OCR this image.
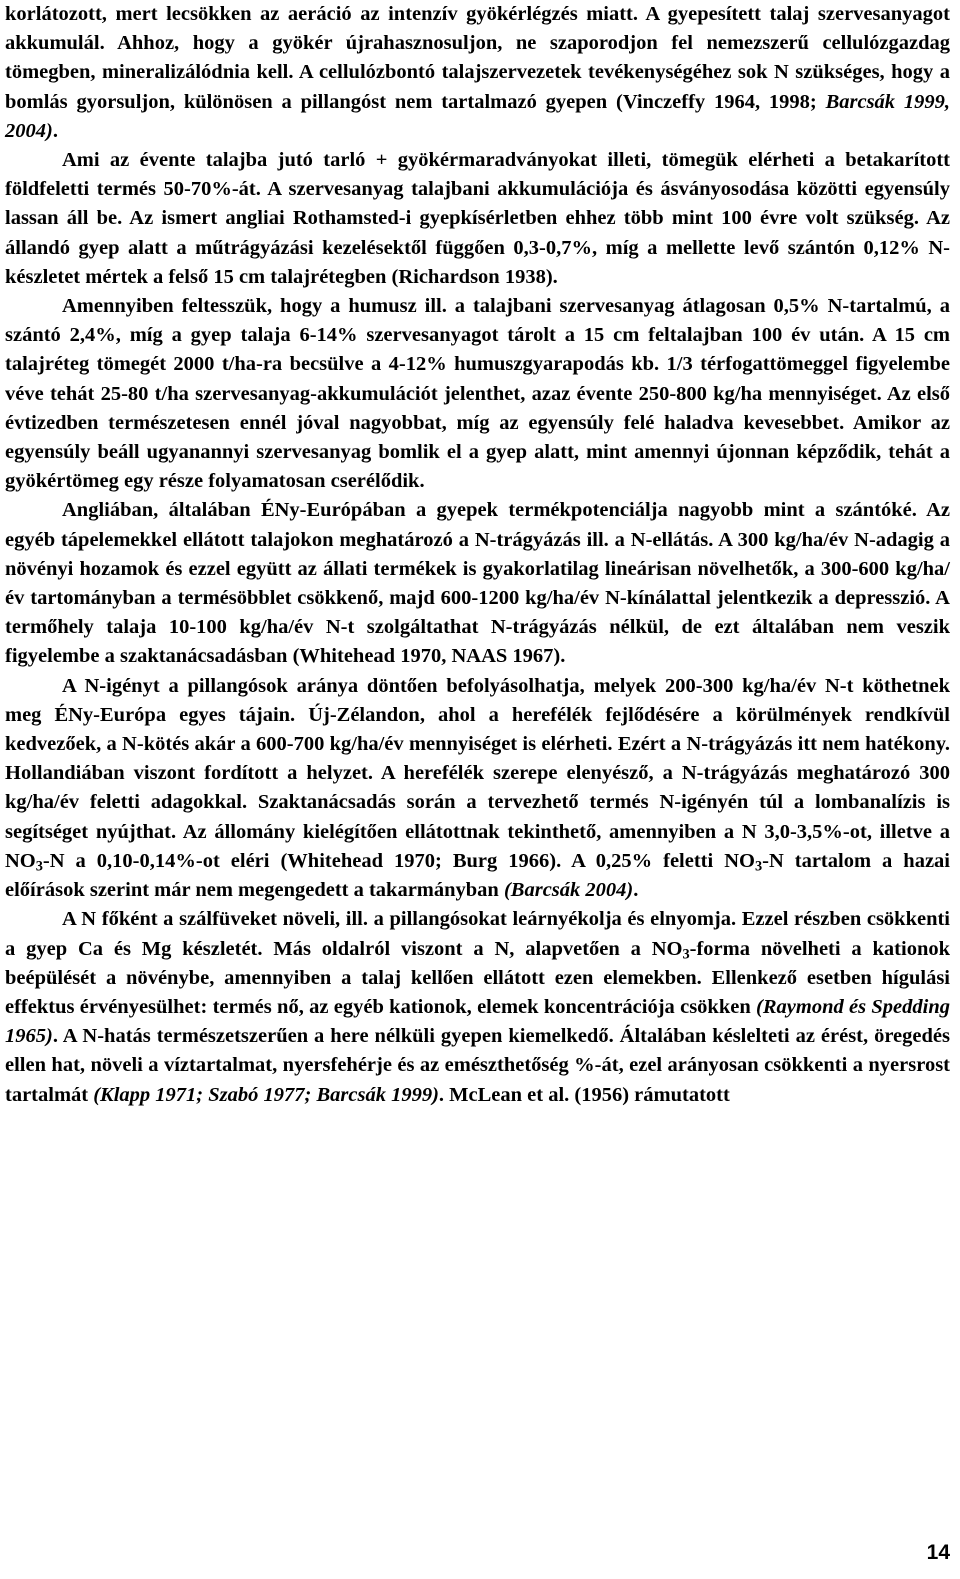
korlátozott, mert lecsökken az aeráció az intenzív gyökérlégzés miatt. A gyepesített talaj szervesanyagot akkumulál. Ahhoz, hogy a gyökér újrahasznosuljon, ne szaporodjon fel nemezszerű cellulózgazdag tömegben, mineralizálódnia kell. A cellulózbontó talajszervezetek tevékenységéhez sok N szükséges, hogy a bomlás gyorsuljon, különösen a pillangóst nem tartalmazó gyepen (Vinczeffy 1964, 1998; Barcsák 1999, 2004).

Ami az évente talajba jutó tarló + gyökérmaradványokat illeti, tömegük elérheti a betakarított földfeletti termés 50-70%-át. A szervesanyag talajbani akkumulációja és ásványosodása közötti egyensúly lassan áll be. Az ismert angliai Rothamsted-i gyepkísérletben ehhez több mint 100 évre volt szükség. Az állandó gyep alatt a műtrágyázási kezelésektől függően 0,3-0,7%, míg a mellette levő szántón 0,12% N-készletet mértek a felső 15 cm talajrétegben (Richardson 1938).

Amennyiben feltesszük, hogy a humusz ill. a talajbani szervesanyag átlagosan 0,5% N-tartalmú, a szántó 2,4%, míg a gyep talaja 6-14% szervesanyagot tárolt a 15 cm feltalajban 100 év után. A 15 cm talajréteg tömegét 2000 t/ha-ra becsülve a 4-12% humuszgyarapodás kb. 1/3 térfogattömeggel figyelembe véve tehát 25-80 t/ha szervesanyag-akkumulációt jelenthet, azaz évente 250-800 kg/ha mennyiséget. Az első évtizedben természetesen ennél jóval nagyobbat, míg az egyensúly felé haladva kevesebbet. Amikor az egyensúly beáll ugyanannyi szervesanyag bomlik el a gyep alatt, mint amennyi újonnan képződik, tehát a gyökértömeg egy része folyamatosan cserélődik.

Angliában, általában ÉNy-Európában a gyepek termékpotenciálja nagyobb mint a szántóké. Az egyéb tápelemekkel ellátott talajokon meghatározó a N-trágyázás ill. a N-ellátás. A 300 kg/ha/év N-adagig a növényi hozamok és ezzel együtt az állati termékek is gyakorlatilag lineárisan növelhetők, a 300-600 kg/ha/év tartományban a termésöbblet csökkenő, majd 600-1200 kg/ha/év N-kínálattal jelentkezik a depresszió. A termőhely talaja 10-100 kg/ha/év N-t szolgáltathat N-trágyázás nélkül, de ezt általában nem veszik figyelembe a szaktanácsadásban (Whitehead 1970, NAAS 1967).

A N-igényt a pillangósok aránya döntően befolyásolhatja, melyek 200-300 kg/ha/év N-t köthetnek meg ÉNy-Európa egyes tájain. Új-Zélandon, ahol a herefélék fejlődésére a körülmények rendkívül kedvezőek, a N-kötés akár a 600-700 kg/ha/év mennyiséget is elérheti. Ezért a N-trágyázás itt nem hatékony. Hollandiában viszont fordított a helyzet. A herefélék szerepe elenyésző, a N-trágyázás meghatározó 300 kg/ha/év feletti adagokkal. Szaktanácsadás során a tervezhető termés N-igényén túl a lombanalízis is segítséget nyújthat. Az állomány kielégítően ellátottnak tekinthető, amennyiben a N 3,0-3,5%-ot, illetve a $NO_3-N$ a 0,10-0,14%-ot eléri (Whitehead 1970; Burg 1966). A 0,25% feletti $NO_3-N$ tartalom a hazai előírások szerint már nem megengedett a takarmányban (Barcsák 2004).

A N főként a szálfüveket növeli, ill. a pillangósokat leárnyékolja és elnyomja. Ezzel részben csökkenti a gyep Ca és Mg készletét. Más oldalról viszont a N, alapvetően a $NO_3$-forma növelheti a kationok beépülését a növénybe, amennyiben a talaj kellően ellátott ezen elemekben. Ellenkező esetben hígulási effektus érvényesülhet: termés nő, az egyéb kationok, elemek koncentrációja csökken (Raymond és Spedding 1965). A N-hatás természetszerűen a here nélküli gyepen kiemelkedő. Általában késlelteti az érést, öregedés ellen hat, növeli a víztartalmat, nyersfehérje és az emészthetőség %-át, ezel arányosan csökkenti a nyersrost tartalmát (Klapp 1971; Szabó 1977; Barcsák 1999). McLean et al. (1956) rámutatott

14
